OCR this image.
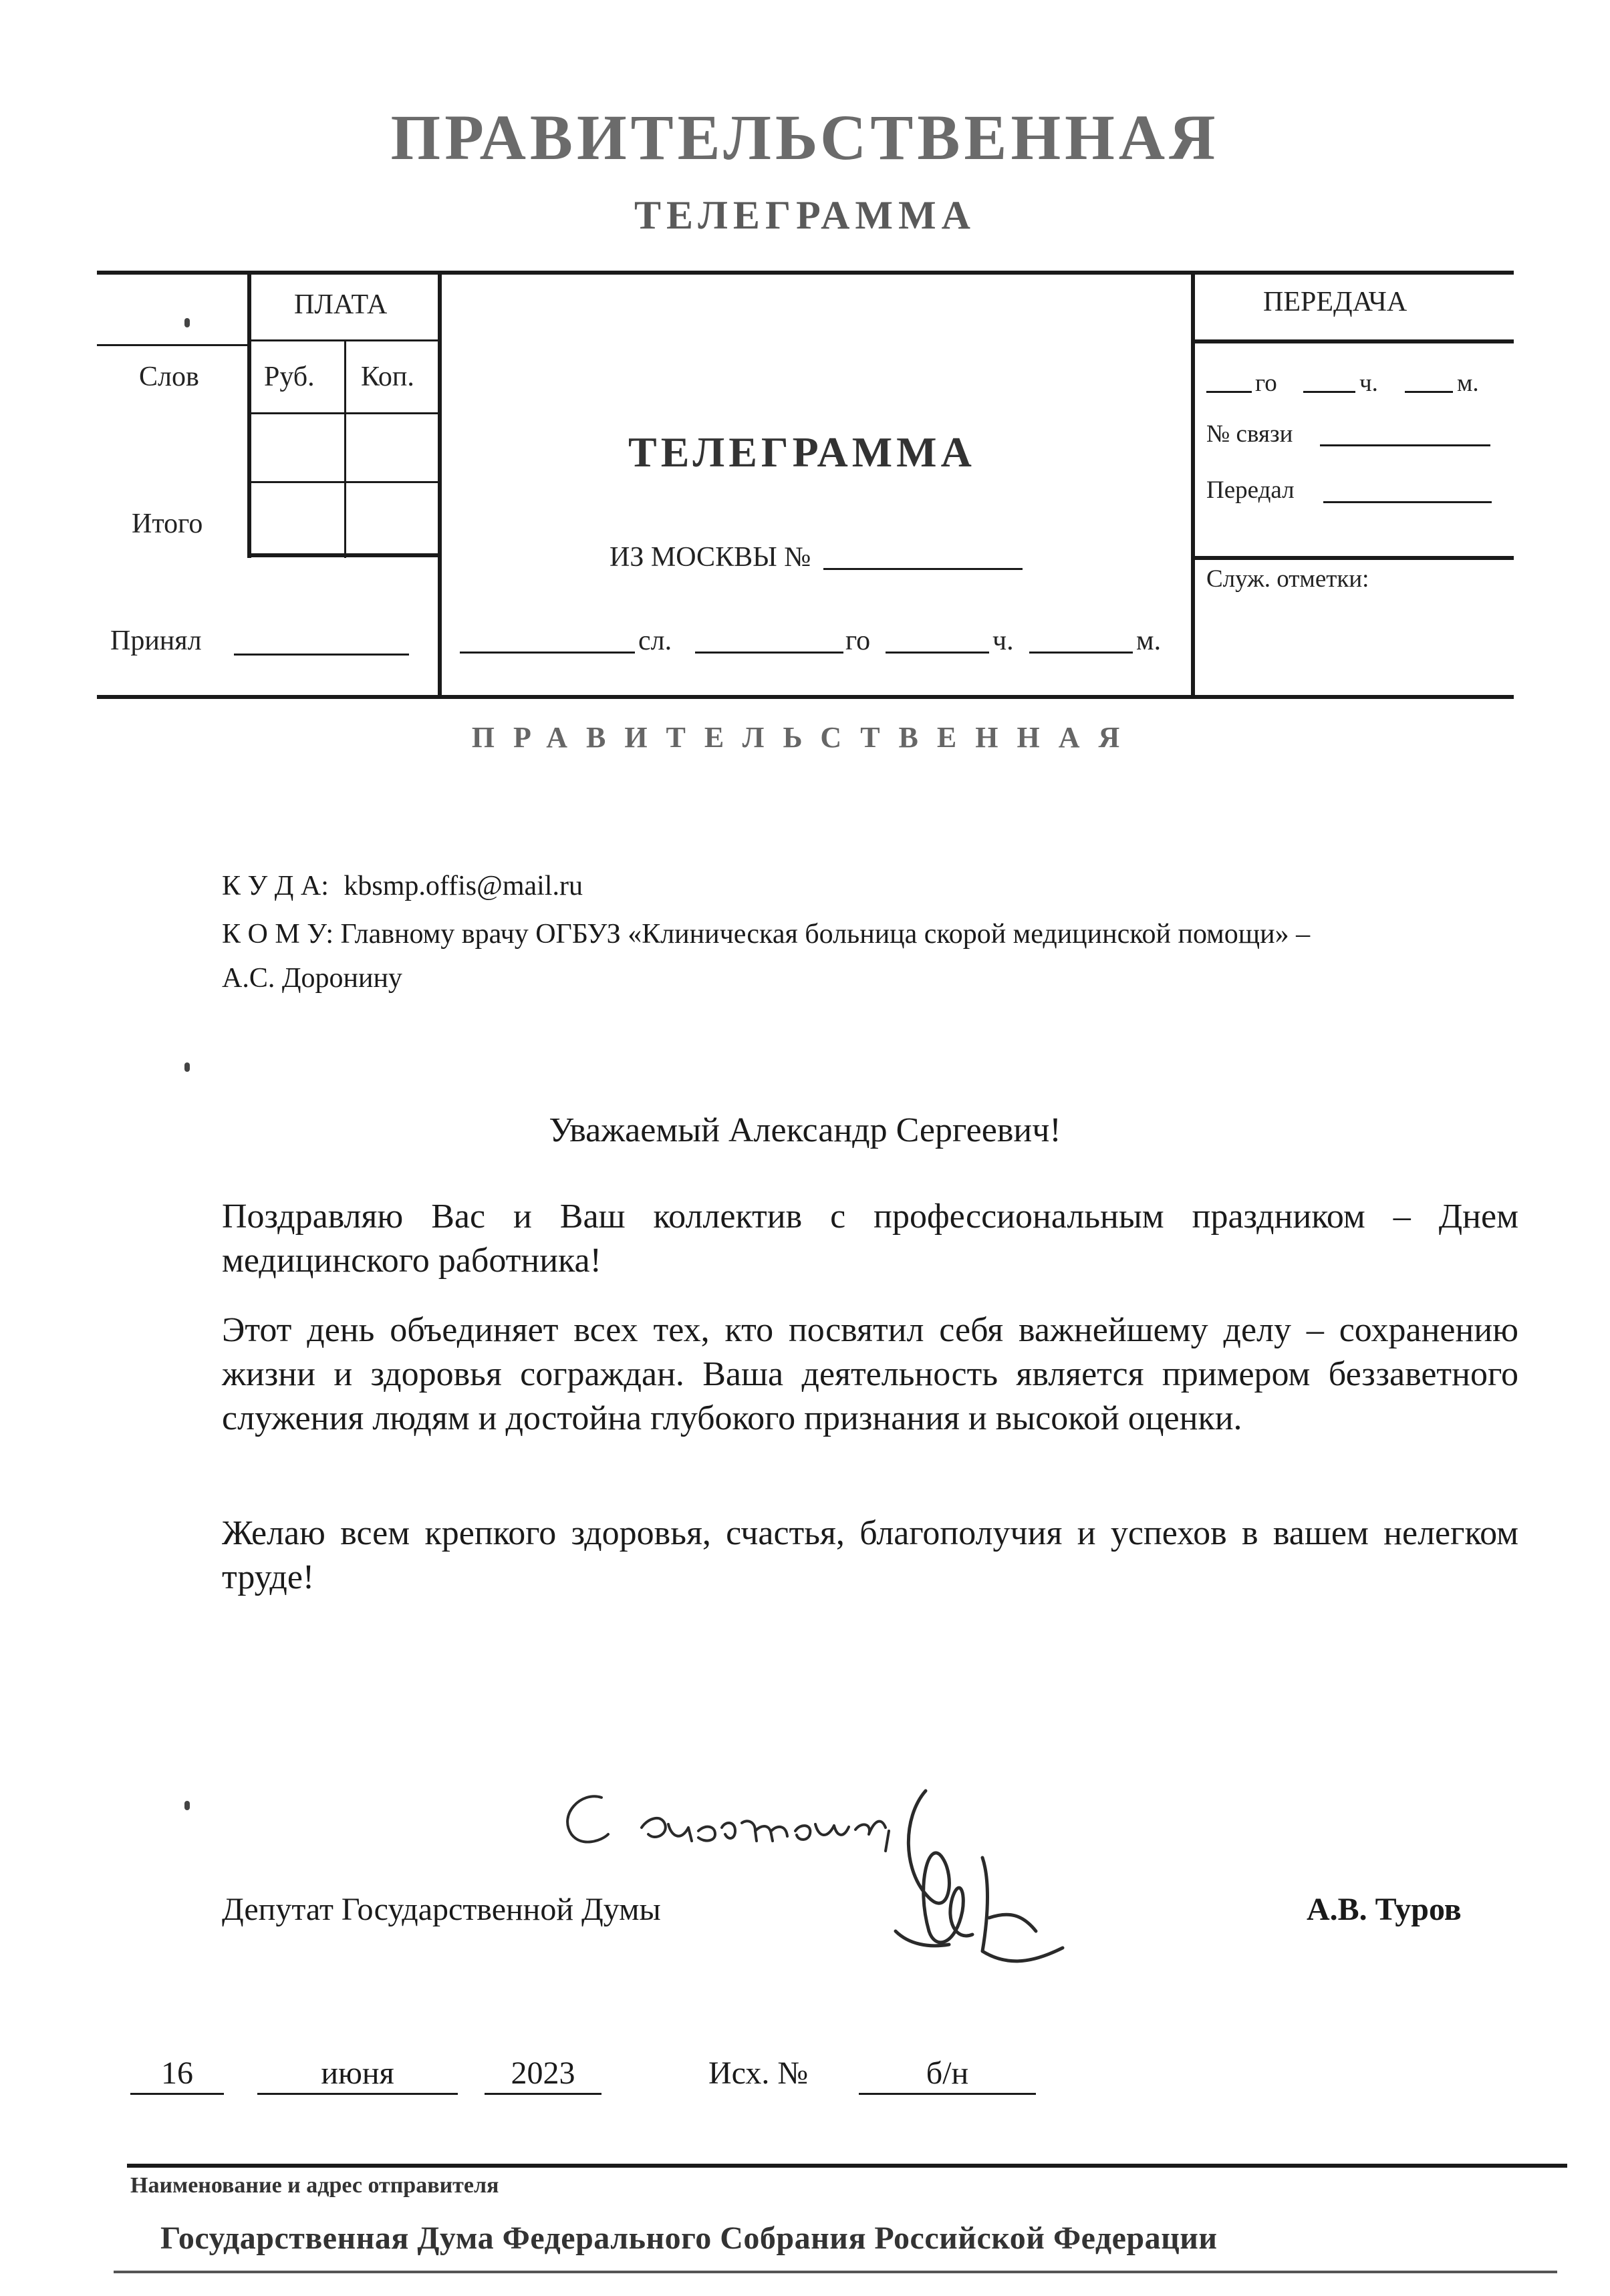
ПРАВИТЕЛЬСТВЕННАЯ
ТЕЛЕГРАММА
ПЛАТА
Слов Руб. Коп.
Итого
Принял
ТЕЛЕГРАММА
ИЗ МОСКВЫ №
сл.	го	ч.	м.
ПЕРЕДАЧА
го	ч.	м.
№ связи
Передал
Служ. отметки:
ПРАВИТЕЛЬСТВЕННАЯ
К У Д А: kbsmp.offis@mail.ru
К О М У: Главному врачу ОГБУЗ «Клиническая больница скорой медицинской помощи» –
А.С. Доронину
Уважаемый Александр Сергеевич!
Поздравляю Вас и Ваш коллектив с профессиональным праздником – Днем медицинского работника!
Этот день объединяет всех тех, кто посвятил себя важнейшему делу – сохранению жизни и здоровья сограждан. Ваша деятельность является примером беззаветного служения людям и достойна глубокого признания и высокой оценки.
Желаю всем крепкого здоровья, счастья, благополучия и успехов в вашем нелегком труде!
Депутат Государственной Думы	А.В. Туров
16	июня	2023	Исх. №	б/н
Наименование и адрес отправителя
Государственная Дума Федерального Собрания Российской Федерации
